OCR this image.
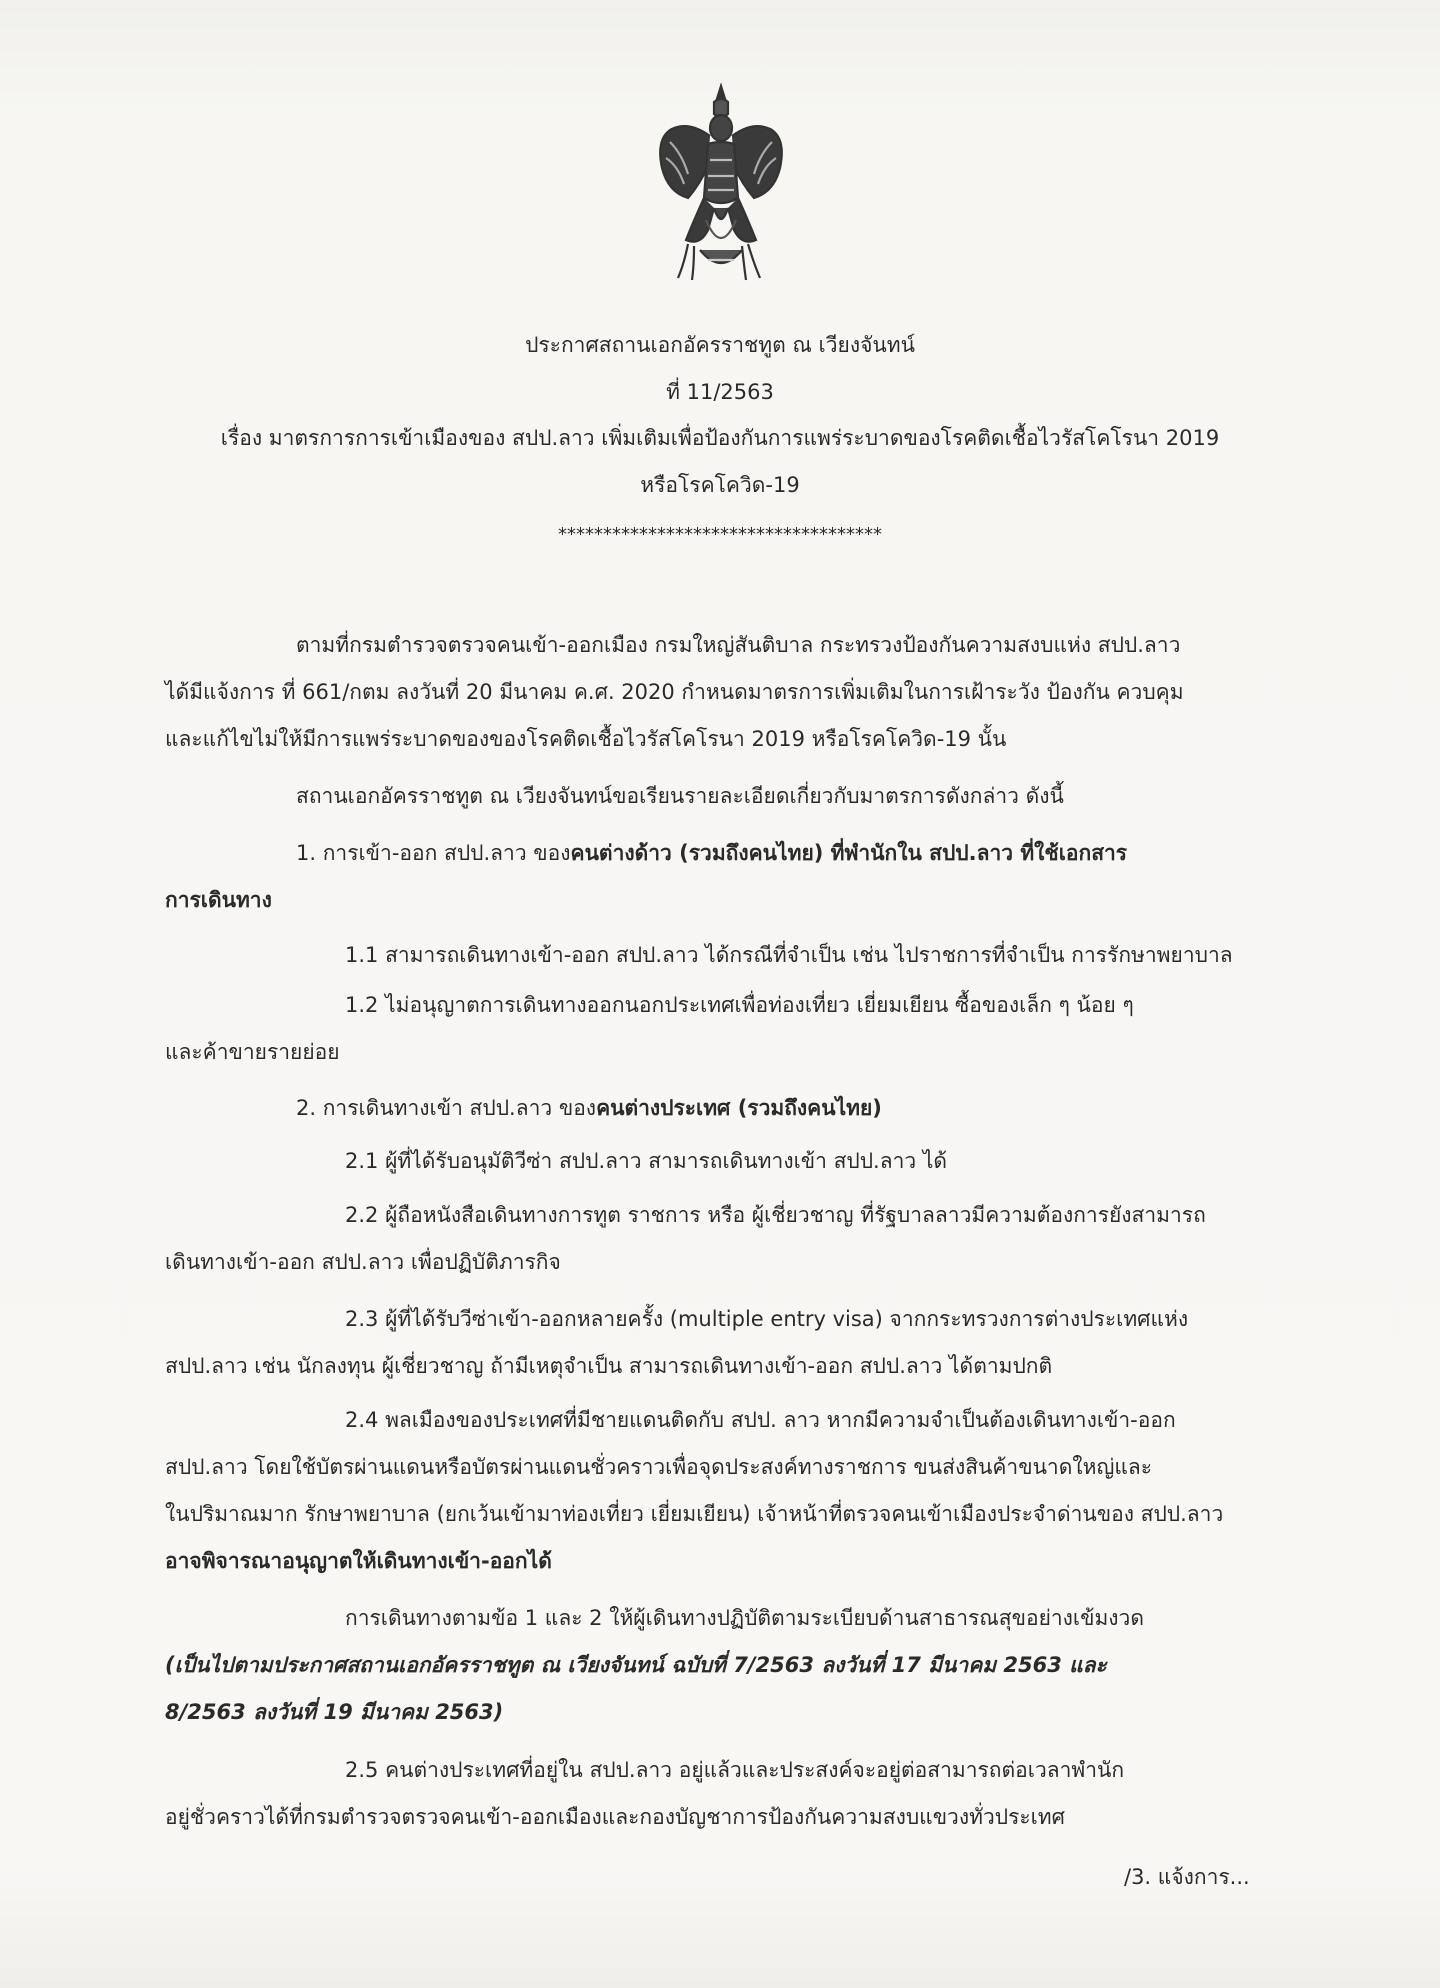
ประกาศสถานเอกอัครราชทูต ณ เวียงจันทน์
ที่ 11/2563
เรื่อง มาตรการการเข้าเมืองของ สปป.ลาว เพิ่มเติมเพื่อป้องกันการแพร่ระบาดของโรคติดเชื้อไวรัสโคโรนา 2019
หรือโรคโควิด-19
************************************
ตามที่กรมตำรวจตรวจคนเข้า-ออกเมือง กรมใหญ่สันติบาล กระทรวงป้องกันความสงบแห่ง สปป.ลาว
ได้มีแจ้งการ ที่ 661/กตม ลงวันที่ 20 มีนาคม ค.ศ. 2020 กำหนดมาตรการเพิ่มเติมในการเฝ้าระวัง ป้องกัน ควบคุม
และแก้ไขไม่ให้มีการแพร่ระบาดของของโรคติดเชื้อไวรัสโคโรนา 2019 หรือโรคโควิด-19 นั้น
สถานเอกอัครราชทูต ณ เวียงจันทน์ขอเรียนรายละเอียดเกี่ยวกับมาตรการดังกล่าว ดังนี้
1. การเข้า-ออก สปป.ลาว ของคนต่างด้าว (รวมถึงคนไทย) ที่พำนักใน สปป.ลาว ที่ใช้เอกสาร
การเดินทาง
1.1 สามารถเดินทางเข้า-ออก สปป.ลาว ได้กรณีที่จำเป็น เช่น ไปราชการที่จำเป็น การรักษาพยาบาล
1.2 ไม่อนุญาตการเดินทางออกนอกประเทศเพื่อท่องเที่ยว เยี่ยมเยียน ซื้อของเล็ก ๆ น้อย ๆ
และค้าขายรายย่อย
2. การเดินทางเข้า สปป.ลาว ของคนต่างประเทศ (รวมถึงคนไทย)
2.1 ผู้ที่ได้รับอนุมัติวีซ่า สปป.ลาว สามารถเดินทางเข้า สปป.ลาว ได้
2.2 ผู้ถือหนังสือเดินทางการทูต ราชการ หรือ ผู้เชี่ยวชาญ ที่รัฐบาลลาวมีความต้องการยังสามารถ
เดินทางเข้า-ออก สปป.ลาว เพื่อปฏิบัติภารกิจ
2.3 ผู้ที่ได้รับวีซ่าเข้า-ออกหลายครั้ง (multiple entry visa) จากกระทรวงการต่างประเทศแห่ง
สปป.ลาว เช่น นักลงทุน ผู้เชี่ยวชาญ ถ้ามีเหตุจำเป็น สามารถเดินทางเข้า-ออก สปป.ลาว ได้ตามปกติ
2.4 พลเมืองของประเทศที่มีชายแดนติดกับ สปป. ลาว หากมีความจำเป็นต้องเดินทางเข้า-ออก
สปป.ลาว โดยใช้บัตรผ่านแดนหรือบัตรผ่านแดนชั่วคราวเพื่อจุดประสงค์ทางราชการ ขนส่งสินค้าขนาดใหญ่และ
ในปริมาณมาก รักษาพยาบาล (ยกเว้นเข้ามาท่องเที่ยว เยี่ยมเยียน) เจ้าหน้าที่ตรวจคนเข้าเมืองประจำด่านของ สปป.ลาว
อาจพิจารณาอนุญาตให้เดินทางเข้า-ออกได้
การเดินทางตามข้อ 1 และ 2 ให้ผู้เดินทางปฏิบัติตามระเบียบด้านสาธารณสุขอย่างเข้มงวด
(เป็นไปตามประกาศสถานเอกอัครราชทูต ณ เวียงจันทน์ ฉบับที่ 7/2563 ลงวันที่ 17 มีนาคม 2563 และ
8/2563 ลงวันที่ 19 มีนาคม 2563)
2.5 คนต่างประเทศที่อยู่ใน สปป.ลาว อยู่แล้วและประสงค์จะอยู่ต่อสามารถต่อเวลาพำนัก
อยู่ชั่วคราวได้ที่กรมตำรวจตรวจคนเข้า-ออกเมืองและกองบัญชาการป้องกันความสงบแขวงทั่วประเทศ
/3. แจ้งการ...
